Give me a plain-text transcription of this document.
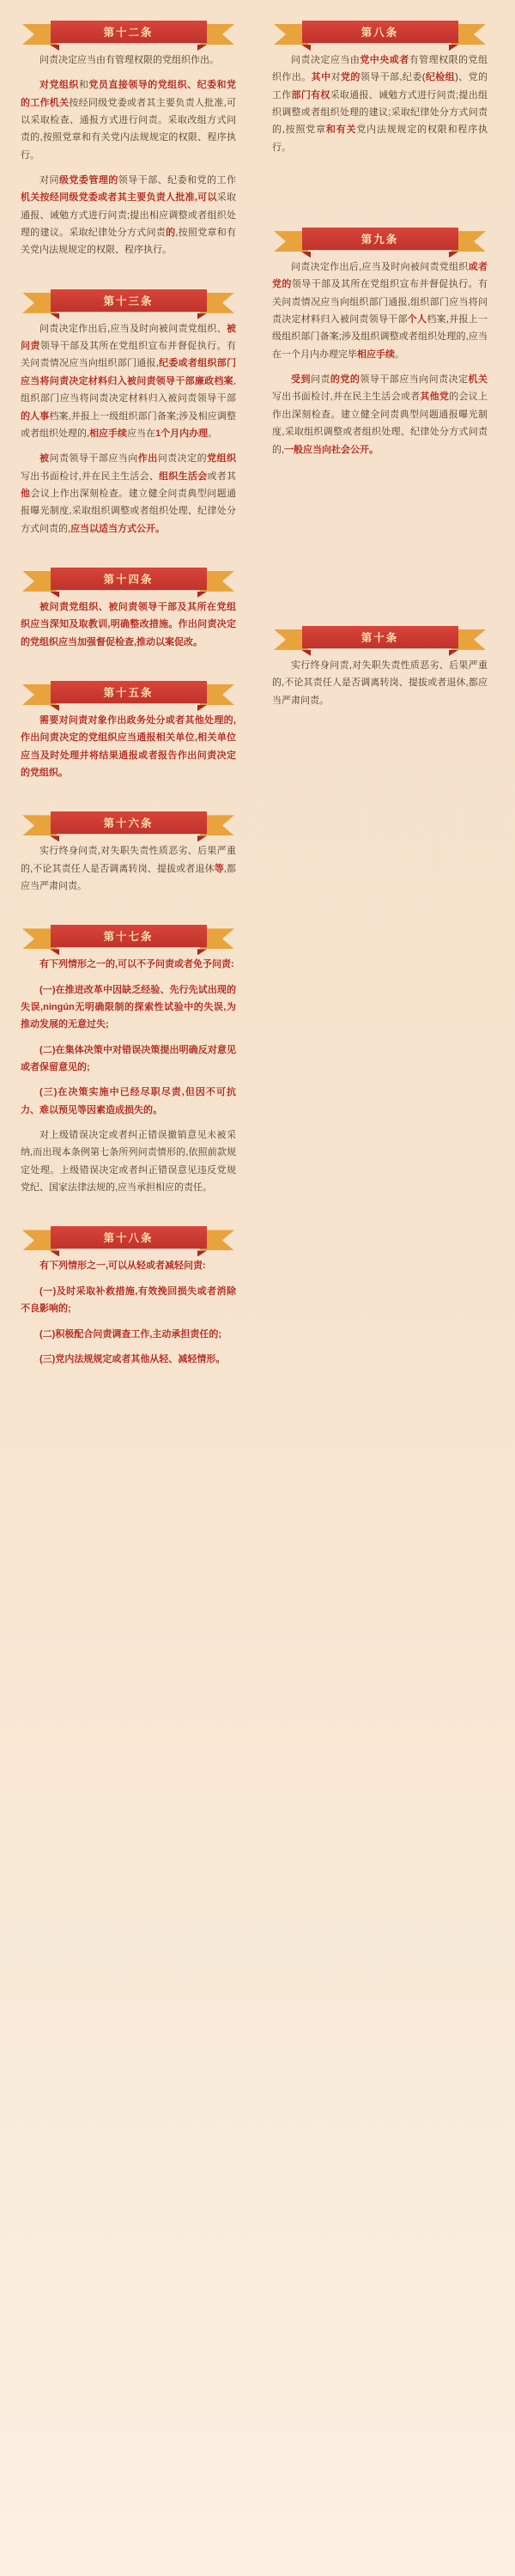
第十二条

问责决定应当由有管理权限的党组织作出。

对党组织和党员直接领导的党组织、纪委和党的工作机关按经同级党委或者其主要负责人批准,可以采取检查、通报方式进行问责。采取改组方式问责的,按照党章和有关党内法规规定的权限、程序执行。

对同级党委管理的领导干部、纪委和党的工作机关按经同级党委或者其主要负责人批准,可以采取通报、诫勉方式进行问责;提出相应调整或者组织处理的建议。采取纪律处分方式问责的,按照党章和有关党内法规规定的权限、程序执行。

第十三条

问责决定作出后,应当及时向被问责党组织、被问责领导干部及其所在党组织宣布并督促执行。有关问责情况应当向组织部门通报,纪委或者组织部门应当将问责决定材料归入被问责领导干部廉政档案,组织部门应当将问责决定材料归入被问责领导干部的人事档案,并报上一级组织部门备案;涉及相应调整或者组织处理的,相应手续应当在1个月内办理。

被问责领导干部应当向作出问责决定的党组织写出书面检讨,并在民主生活会、组织生活会或者其他会议上作出深刻检查。建立健全问责典型问题通报曝光制度,采取组织调整或者组织处理、纪律处分方式问责的,应当以适当方式公开。

第十四条

被问责党组织、被问责领导干部及其所在党组织应当深知及取教训,明确整改措施。作出问责决定的党组织应当加强督促检查,推动以案促改。

第十五条

需要对问责对象作出政务处分或者其他处理的,作出问责决定的党组织应当通报相关单位,相关单位应当及时处理并将结果通报或者报告作出问责决定的党组织。

第十六条

实行终身问责,对失职失责性质恶劣、后果严重的,不论其责任人是否调离转岗、提拔或者退休等,都应当严肃问责。

第十七条

有下列情形之一的,可以不予问责或者免予问责:

(一)在推进改革中因缺乏经验、先行先试出现的失误,ningún无明确限制的探索性试验中的失误,为推动发展的无意过失;

(二)在集体决策中对错误决策提出明确反对意见或者保留意见的;

(三)在决策实施中已经尽职尽责,但因不可抗力、难以预见等因素造成损失的。

对上级错误决定或者纠正错误撤销意见未被采纳,而出现本条例第七条所列问责情形的,依照前款规定处理。上级错误决定或者纠正错误意见违反党规党纪、国家法律法规的,应当承担相应的责任。

第十八条

有下列情形之一,可以从轻或者减轻问责:

(一)及时采取补救措施,有效挽回损失或者消除不良影响的;

(二)积极配合问责调查工作,主动承担责任的;

(三)党内法规规定或者其他从轻、减轻情形。

第八条

问责决定应当由党中央或者有管理权限的党组织作出。其中对党的领导干部,纪委(纪检组)、党的工作部门有权采取通报、诫勉方式进行问责;提出组织调整或者组织处理的建议;采取纪律处分方式问责的,按照党章和有关党内法规规定的权限和程序执行。

第九条

问责决定作出后,应当及时向被问责党组织或者党的领导干部及其所在党组织宣布并督促执行。有关问责情况应当向组织部门通报,组织部门应当将问责决定材料归入被问责领导干部个人档案,并报上一级组织部门备案;涉及组织调整或者组织处理的,应当在一个月内办理完毕相应手续。

受到问责的党的领导干部应当向问责决定机关写出书面检讨,并在民主生活会或者其他党的会议上作出深刻检查。建立健全问责典型问题通报曝光制度,采取组织调整或者组织处理、纪律处分方式问责的,一般应当向社会公开。

第十条

实行终身问责,对失职失责性质恶劣、后果严重的,不论其责任人是否调离转岗、提拔或者退休,都应当严肃问责。
